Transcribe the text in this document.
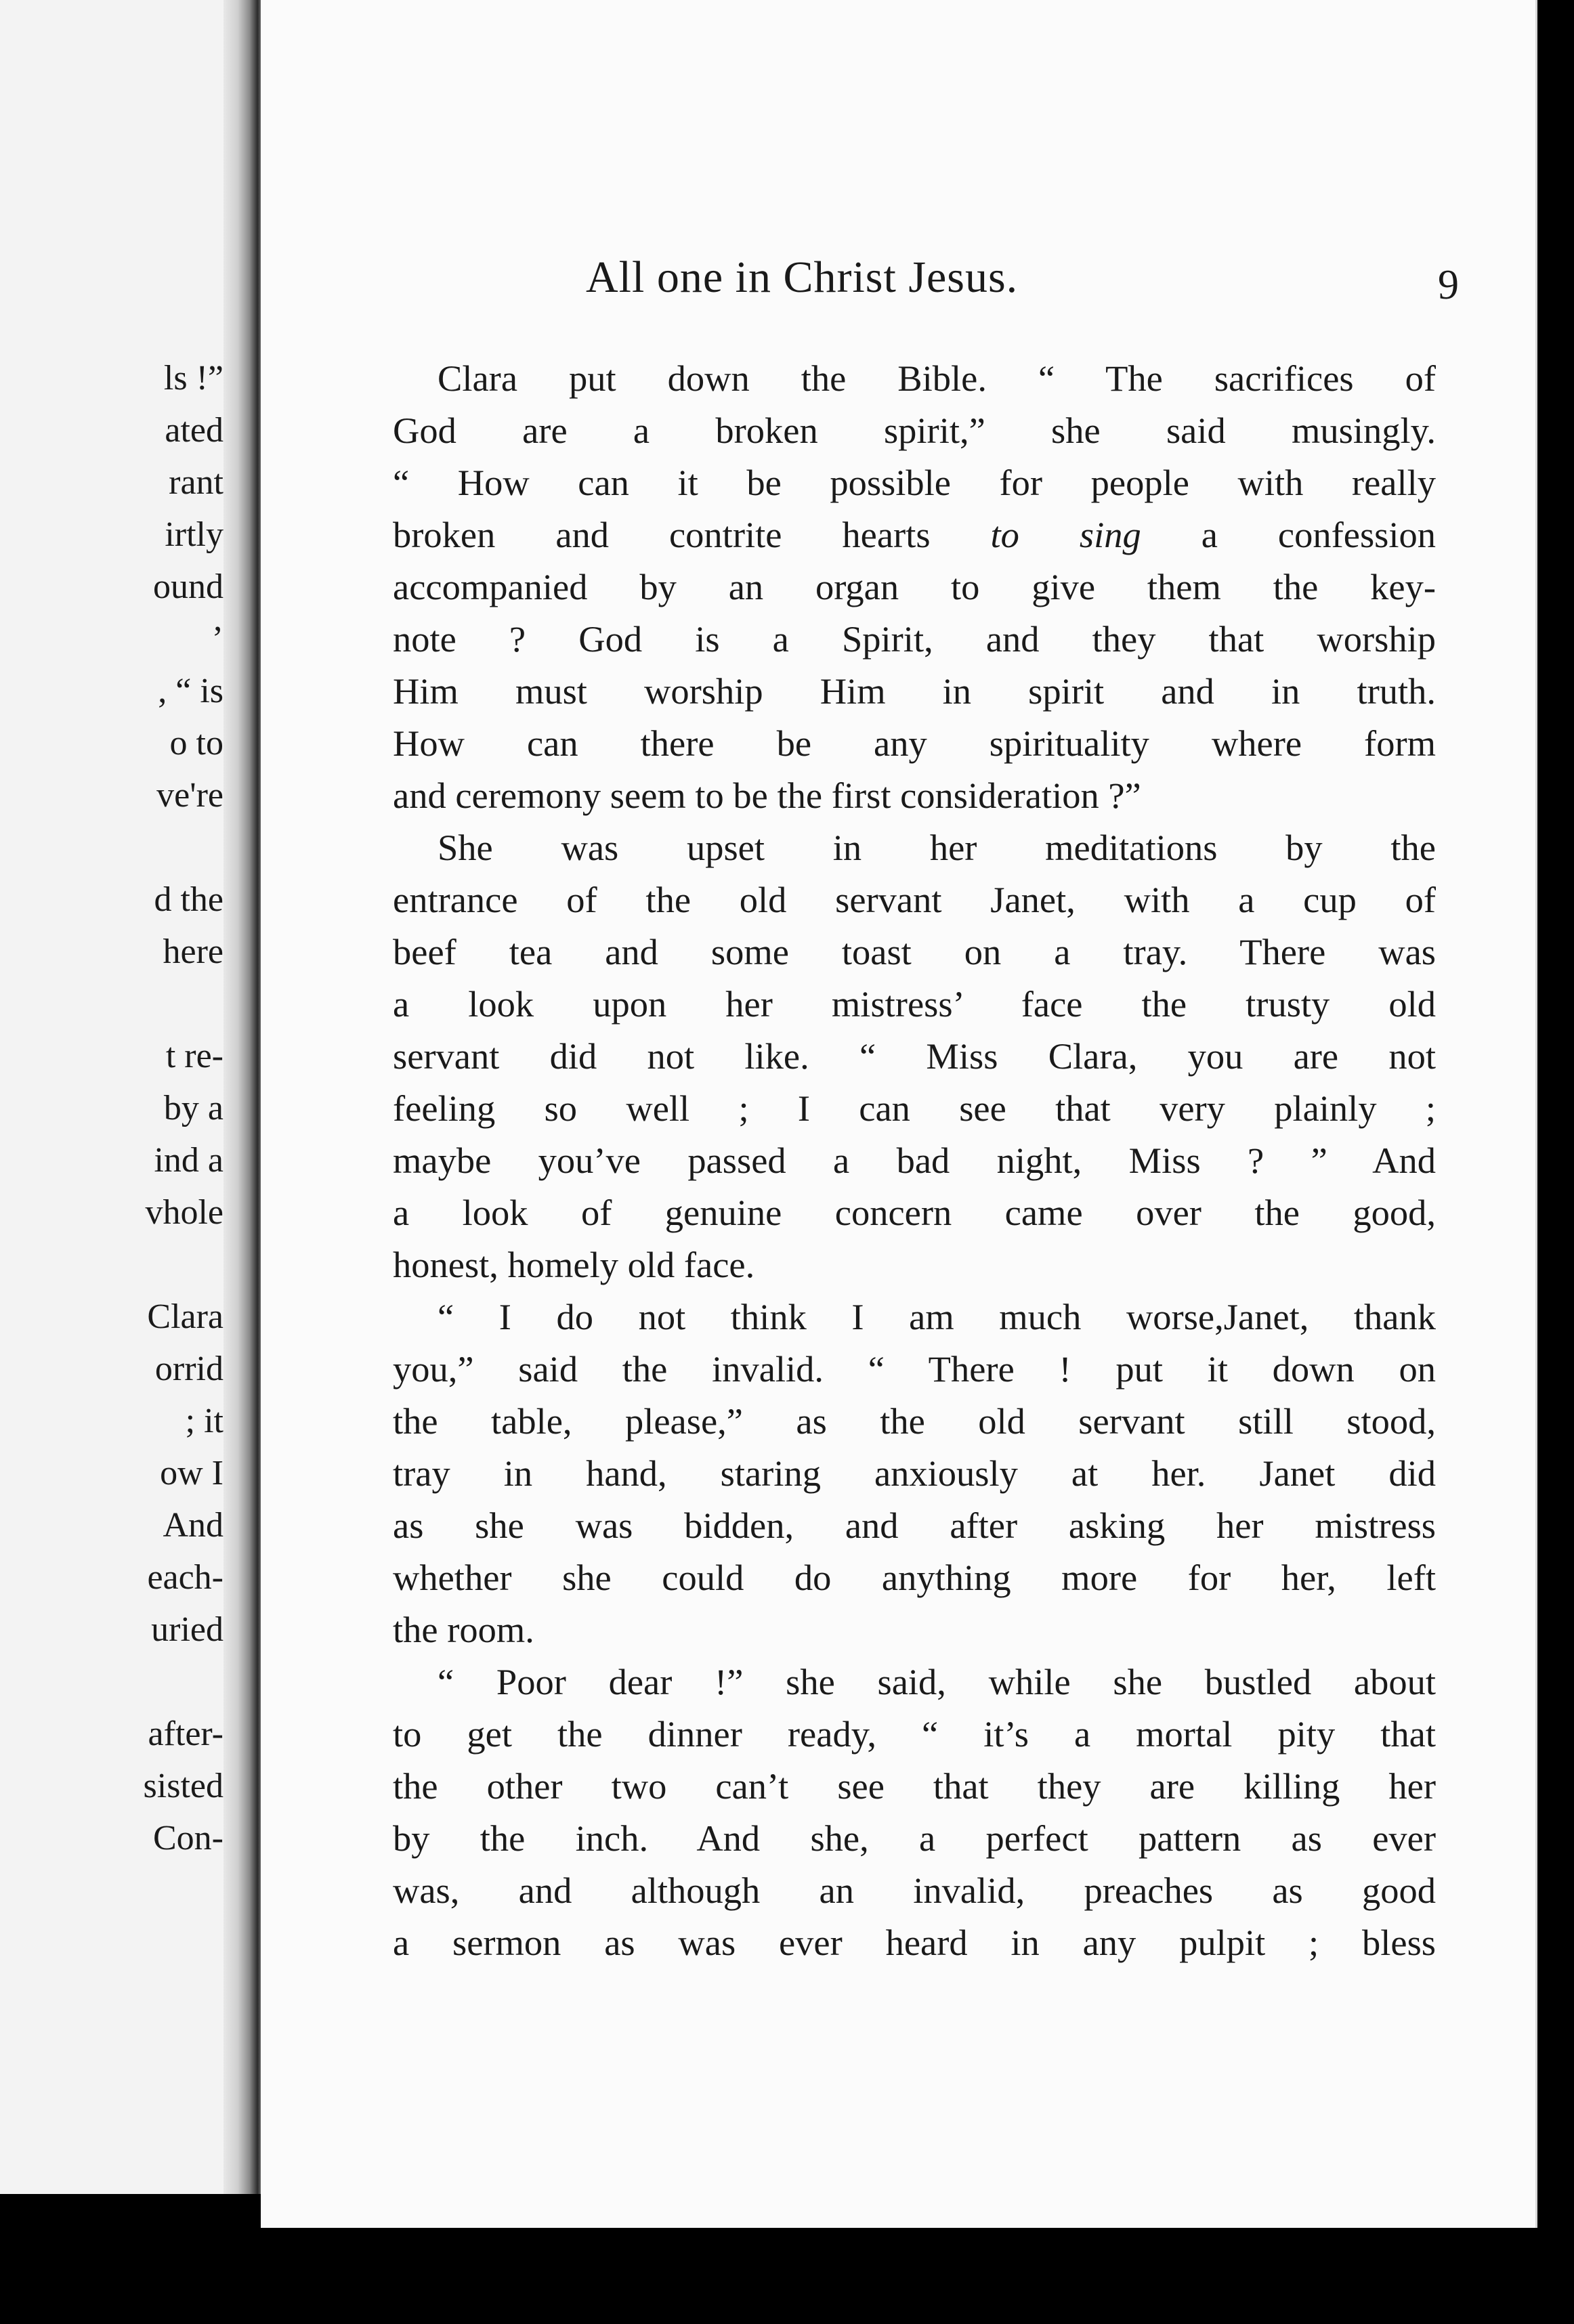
ls !”
ated
rant
irtly
ound
’
, “ is
o to
ve're
d the
here
t re-
by a
ind a
vhole
Clara
orrid
; it
ow I
And
each-
uried
after-
sisted
Con-
All one in Christ Jesus.	9
Clara put down the Bible. “ The sacrifices of
God are a broken spirit,” she said musingly.
“ How can it be possible for people with really
broken and contrite hearts to sing a confession
accompanied by an organ to give them the key-
note ? God is a Spirit, and they that worship
Him must worship Him in spirit and in truth.
How can there be any spirituality where form
and ceremony seem to be the first consideration ?”
She was upset in her meditations by the
entrance of the old servant Janet, with a cup of
beef tea and some toast on a tray. There was
a look upon her mistress’ face the trusty old
servant did not like. “ Miss Clara, you are not
feeling so well ; I can see that very plainly ;
maybe you’ve passed a bad night, Miss ? ” And
a look of genuine concern came over the good,
honest, homely old face.
“ I do not think I am much worse,Janet, thank
you,” said the invalid. “ There ! put it down on
the table, please,” as the old servant still stood,
tray in hand, staring anxiously at her. Janet did
as she was bidden, and after asking her mistress
whether she could do anything more for her, left
the room.
“ Poor dear !” she said, while she bustled about
to get the dinner ready, “ it’s a mortal pity that
the other two can’t see that they are killing her
by the inch. And she, a perfect pattern as ever
was, and although an invalid, preaches as good
a sermon as was ever heard in any pulpit ; bless
